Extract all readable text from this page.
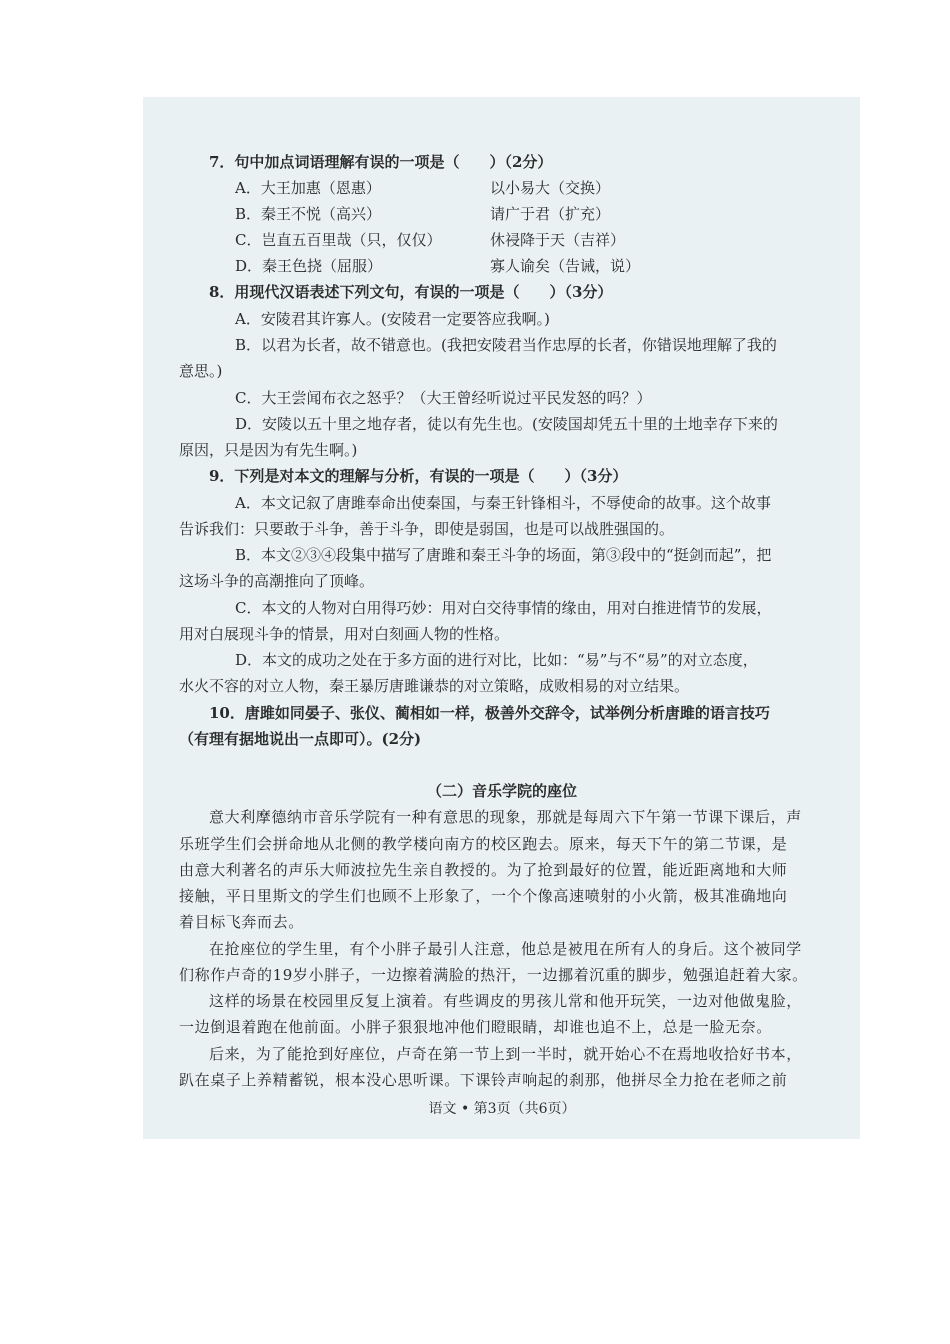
7．句中加点词语理解有误的一项是（　　）（2分）
A．大王加惠（恩惠）	以小易大（交换）
B．秦王不悦（高兴）	请广于君（扩充）
C．岂直五百里哉（只，仅仅）	休祲降于天（吉祥）
D．秦王色挠（屈服）	寡人谕矣（告诫，说）
8．用现代汉语表述下列文句，有误的一项是（　　）（3分）
A．安陵君其许寡人。(安陵君一定要答应我啊。)
B．以君为长者，故不错意也。(我把安陵君当作忠厚的长者，你错误地理解了我的
意思。)
C．大王尝闻布衣之怒乎？（大王曾经听说过平民发怒的吗？）
D．安陵以五十里之地存者，徒以有先生也。(安陵国却凭五十里的土地幸存下来的
原因，只是因为有先生啊。)
9．下列是对本文的理解与分析，有误的一项是（　　）（3分）
A．本文记叙了唐雎奉命出使秦国，与秦王针锋相斗，不辱使命的故事。这个故事
告诉我们：只要敢于斗争，善于斗争，即使是弱国，也是可以战胜强国的。
B．本文②③④段集中描写了唐雎和秦王斗争的场面，第③段中的“挺剑而起”，把
这场斗争的高潮推向了顶峰。
C．本文的人物对白用得巧妙：用对白交待事情的缘由，用对白推进情节的发展，
用对白展现斗争的情景，用对白刻画人物的性格。
D．本文的成功之处在于多方面的进行对比，比如：“易”与不“易”的对立态度，
水火不容的对立人物，秦王暴厉唐雎谦恭的对立策略，成败相易的对立结果。
10．唐雎如同晏子、张仪、蔺相如一样，极善外交辞令，试举例分析唐雎的语言技巧
（有理有据地说出一点即可）。(2分)
（二）音乐学院的座位
意大利摩德纳市音乐学院有一种有意思的现象，那就是每周六下午第一节课下课后，声
乐班学生们会拼命地从北侧的教学楼向南方的校区跑去。原来，每天下午的第二节课，是
由意大利著名的声乐大师波拉先生亲自教授的。为了抢到最好的位置，能近距离地和大师
接触，平日里斯文的学生们也顾不上形象了，一个个像高速喷射的小火箭，极其准确地向
着目标飞奔而去。
在抢座位的学生里，有个小胖子最引人注意，他总是被甩在所有人的身后。这个被同学
们称作卢奇的19岁小胖子，一边擦着满脸的热汗，一边挪着沉重的脚步，勉强追赶着大家。
这样的场景在校园里反复上演着。有些调皮的男孩儿常和他开玩笑，一边对他做鬼脸，
一边倒退着跑在他前面。小胖子狠狠地冲他们瞪眼睛，却谁也追不上，总是一脸无奈。
后来，为了能抢到好座位，卢奇在第一节上到一半时，就开始心不在焉地收拾好书本，
趴在桌子上养精蓄锐，根本没心思听课。下课铃声响起的刹那，他拼尽全力抢在老师之前
语文 • 第3页（共6页）
